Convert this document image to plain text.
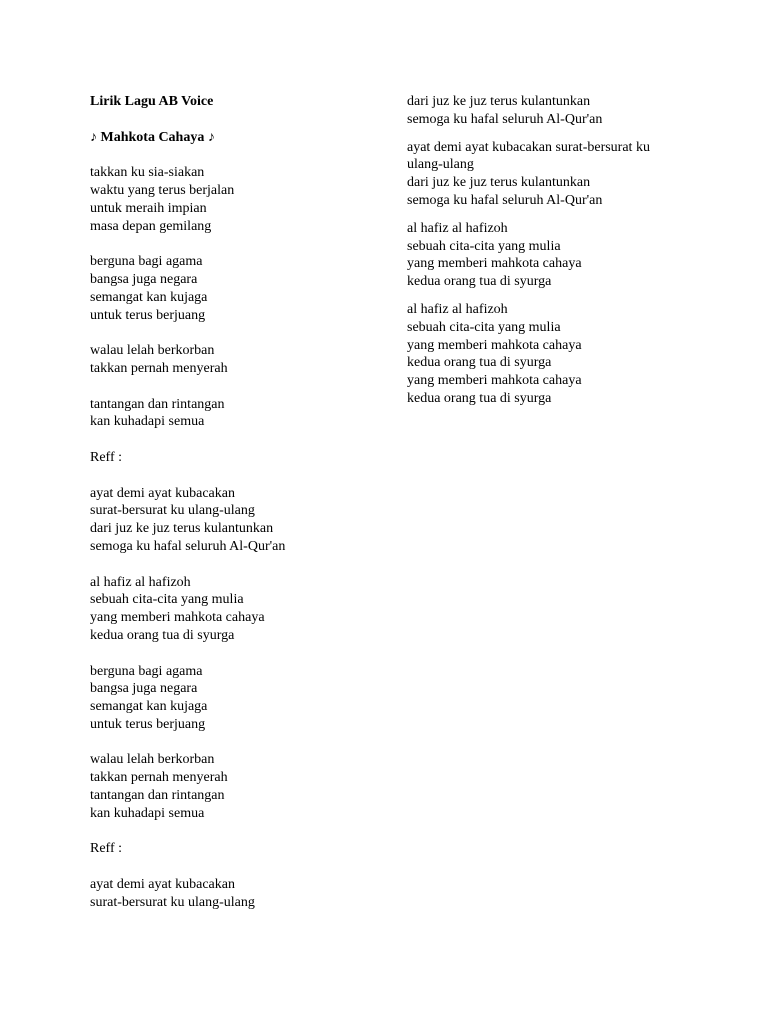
Lirik Lagu AB Voice
♪ Mahkota Cahaya ♪
takkan ku sia-siakan
waktu yang terus berjalan
untuk meraih impian
masa depan gemilang
berguna bagi agama
bangsa juga negara
semangat kan kujaga
untuk terus berjuang
walau lelah berkorban
takkan pernah menyerah
tantangan dan rintangan
kan kuhadapi semua
Reff :
ayat demi ayat kubacakan
surat-bersurat ku ulang-ulang
dari juz ke juz terus kulantunkan
semoga ku hafal seluruh Al-Qur'an
al hafiz al hafizoh
sebuah cita-cita yang mulia
yang memberi mahkota cahaya
kedua orang tua di syurga
berguna bagi agama
bangsa juga negara
semangat kan kujaga
untuk terus berjuang
walau lelah berkorban
takkan pernah menyerah
tantangan dan rintangan
kan kuhadapi semua
Reff :
ayat demi ayat kubacakan
surat-bersurat ku ulang-ulang
dari juz ke juz terus kulantunkan
semoga ku hafal seluruh Al-Qur'an
ayat demi ayat kubacakan surat-bersurat ku ulang-ulang
dari juz ke juz terus kulantunkan
semoga ku hafal seluruh Al-Qur'an
al hafiz al hafizoh
sebuah cita-cita yang mulia
yang memberi mahkota cahaya
kedua orang tua di syurga
al hafiz al hafizoh
sebuah cita-cita yang mulia
yang memberi mahkota cahaya
kedua orang tua di syurga
yang memberi mahkota cahaya
kedua orang tua di syurga
